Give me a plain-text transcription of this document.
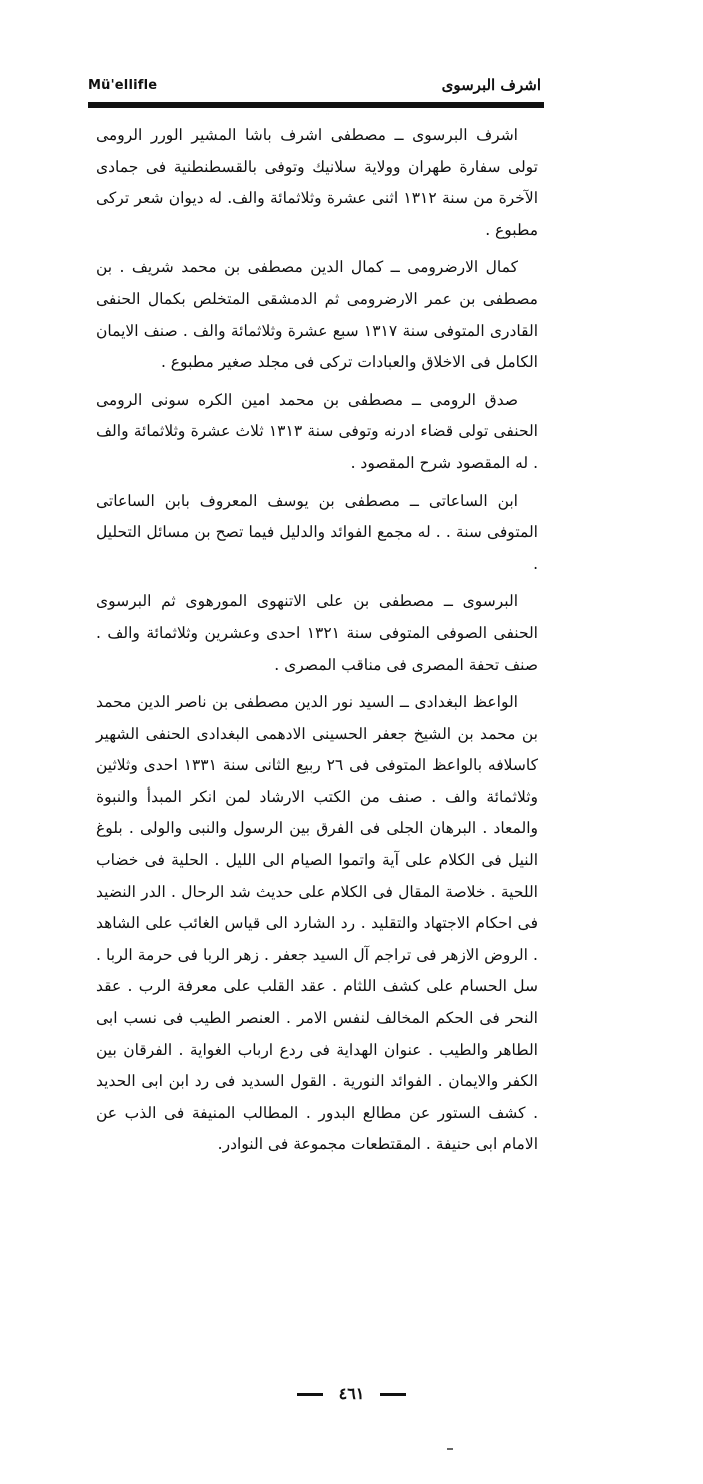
Mü'ellifle	اشرف البرسوى

اشرف البرسوى ــ مصطفى اشرف باشا المشير الورر الرومى تولى سفارة طهران وولاية سلانيك وتوفى بالقسطنطنية فى جمادى الآخرة من سنة ١٣١٢ اثنى عشرة وثلاثمائة والف. له ديوان شعر تركى مطبوع .

كمال الارضرومى ــ كمال الدين مصطفى بن محمد شريف . بن مصطفى بن عمر الارضرومى ثم الدمشقى المتخلص بكمال الحنفى القادرى المتوفى سنة ١٣١٧ سبع عشرة وثلاثمائة والف . صنف الايمان الكامل فى الاخلاق والعبادات تركى فى مجلد صغير مطبوع .

صدق الرومى ــ مصطفى بن محمد امين الكره سونى الرومى الحنفى تولى قضاء ادرنه وتوفى سنة ١٣١٣ ثلاث عشرة وثلاثمائة والف . له المقصود شرح المقصود .

ابن الساعاتى ــ مصطفى بن يوسف المعروف بابن الساعاتى المتوفى سنة . . له مجمع الفوائد والدليل فيما تصح بن مسائل التحليل .

البرسوى ــ مصطفى بن على الاتنهوى المورهوى ثم البرسوى الحنفى الصوفى المتوفى سنة ١٣٢١ احدى وعشرين وثلاثمائة والف . صنف تحفة المصرى فى مناقب المصرى .

الواعظ البغدادى ــ السيد نور الدين مصطفى بن ناصر الدين محمد بن محمد بن الشيخ جعفر الحسينى الادهمى البغدادى الحنفى الشهير كاسلافه بالواعظ المتوفى فى ٢٦ ربيع الثانى سنة ١٣٣١ احدى وثلاثين وثلاثمائة والف . صنف من الكتب الارشاد لمن انكر المبدأ والنبوة والمعاد . البرهان الجلى فى الفرق بين الرسول والنبى والولى . بلوغ النيل فى الكلام على آية واتموا الصيام الى الليل . الحلية فى خضاب اللحية . خلاصة المقال فى الكلام على حديث شد الرحال . الدر النضيد فى احكام الاجتهاد والتقليد . رد الشارد الى قياس الغائب على الشاهد . الروض الازهر فى تراجم آل السيد جعفر . زهر الربا فى حرمة الربا . سل الحسام على كشف اللثام . عقد القلب على معرفة الرب . عقد النحر فى الحكم المخالف لنفس الامر . العنصر الطيب فى نسب ابى الطاهر والطيب . عنوان الهداية فى ردع ارباب الغواية . الفرقان بين الكفر والايمان . الفوائد النورية . القول السديد فى رد ابن ابى الحديد . كشف الستور عن مطالع البدور . المطالب المنيفة فى الذب عن الامام ابى حنيفة . المقتطعات مجموعة فى النوادر.

٤٦١
